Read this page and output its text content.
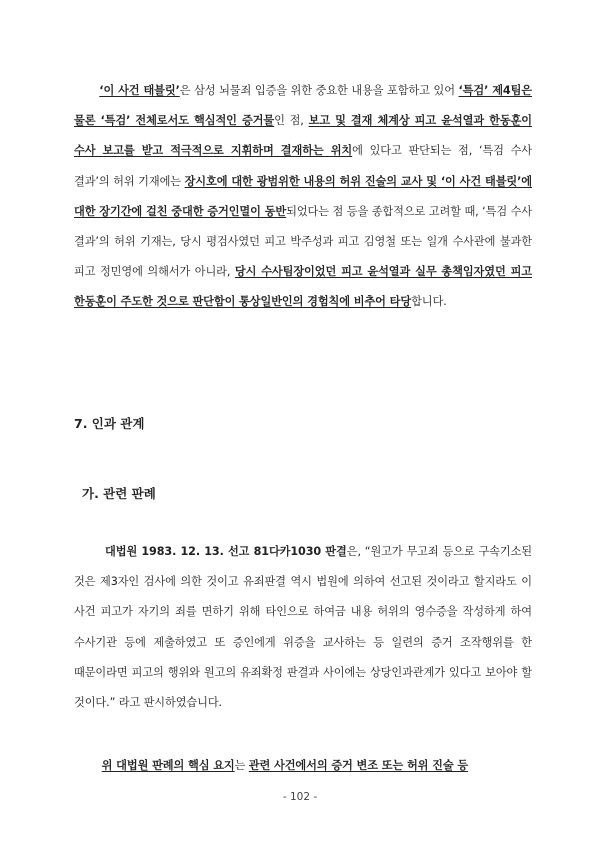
‘이 사건 태블릿’은 삼성 뇌물죄 입증을 위한 중요한 내용을 포함하고 있어 ‘특검’ 제4팀은 물론 ‘특검’ 전체로서도 핵심적인 증거물인 점, 보고 및 결재 체계상 피고 윤석열과 한동훈이 수사 보고를 받고 적극적으로 지휘하며 결재하는 위치에 있다고 판단되는 점, ‘특검 수사 결과’의 허위 기재에는 장시호에 대한 광범위한 내용의 허위 진술의 교사 및 ‘이 사건 태블릿’에 대한 장기간에 걸친 중대한 증거인멸이 동반되었다는 점 등을 종합적으로 고려할 때, ‘특검 수사 결과’의 허위 기재는, 당시 평검사였던 피고 박주성과 피고 김영철 또는 일개 수사관에 불과한 피고 정민영에 의해서가 아니라, 당시 수사팀장이었던 피고 윤석열과 실무 총책임자였던 피고 한동훈이 주도한 것으로 판단함이 통상일반인의 경험칙에 비추어 타당합니다.
7. 인과 관계
가. 관련 판례
대법원 1983. 12. 13. 선고 81다카1030 판결은, “원고가 무고죄 등으로 구속기소된 것은 제3자인 검사에 의한 것이고 유죄판결 역시 법원에 의하여 선고된 것이라고 할지라도 이 사건 피고가 자기의 죄를 면하기 위해 타인으로 하여금 내용 허위의 영수증을 작성하게 하여 수사기관 등에 제출하였고 또 증인에게 위증을 교사하는 등 일련의 증거 조작행위를 한 때문이라면 피고의 행위와 원고의 유죄확정 판결과 사이에는 상당인과관계가 있다고 보아야 할 것이다.” 라고 판시하였습니다.
위 대법원 판례의 핵심 요지는 관련 사건에서의 증거 변조 또는 허위 진술 등
- 102 -
